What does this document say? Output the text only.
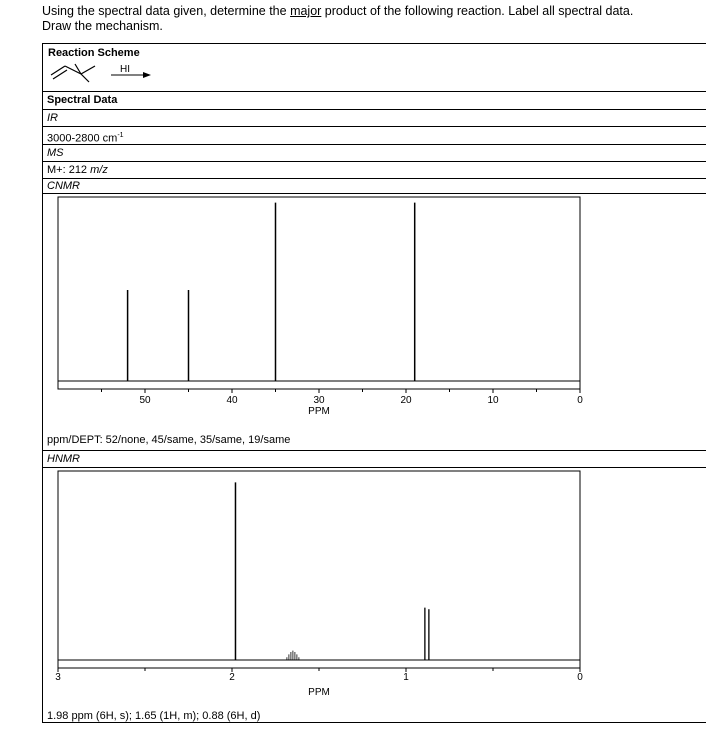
Using the spectral data given, determine the major product of the following reaction. Label all spectral data.
Draw the mechanism.
Reaction Scheme
HI
Spectral Data
IR
3000-2800 $cm^{-1}$
MS
M+: 212 m/z
CNMR
50	40	30	20	10	0
PPM
ppm/DEPT: 52/none, 45/same, 35/same, 19/same
HNMR
3	2	1	0
PPM
1.98 ppm (6H, s); 1.65 (1H, m); 0.88 (6H, d)
